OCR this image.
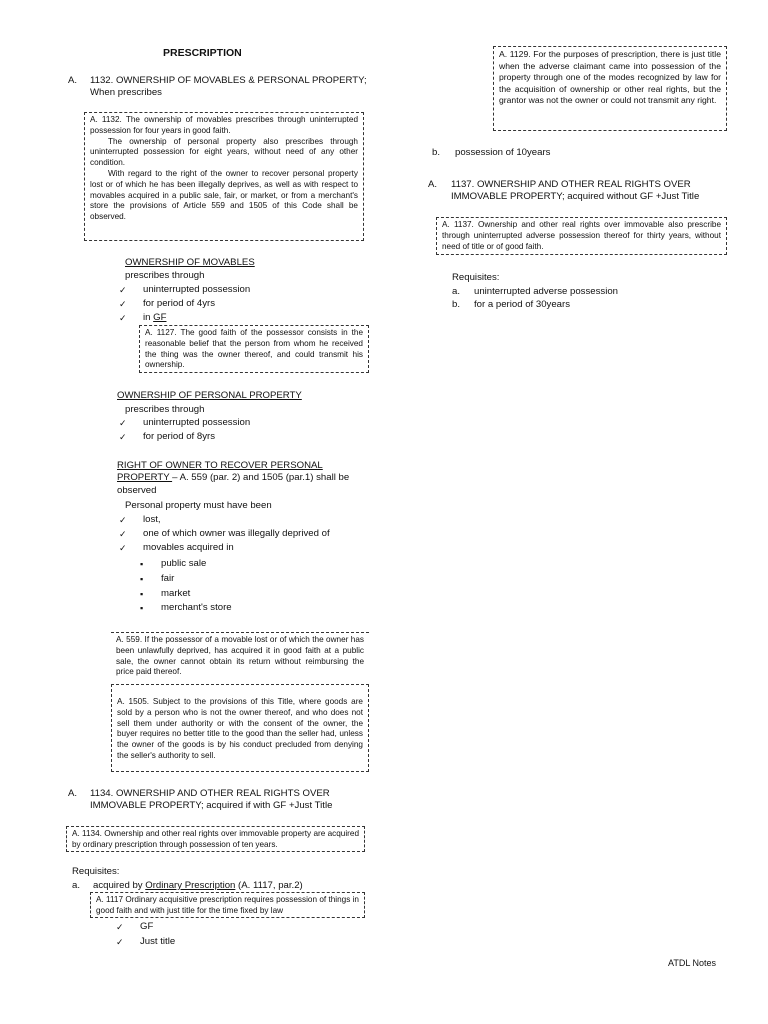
PRESCRIPTION
A. 1132. OWNERSHIP OF MOVABLES & PERSONAL PROPERTY;
When prescribes

A. 1132. The ownership of movables prescribes through uninterrupted possession for four years in good faith.

The ownership of personal property also prescribes through uninterrupted possession for eight years, without need of any other condition.

With regard to the right of the owner to recover personal property lost or of which he has been illegally deprives, as well as with respect to movables acquired in a public sale, fair, or market, or from a merchant's store the provisions of Article 559 and 1505 of this Code shall be observed.

OWNERSHIP OF MOVABLES
prescribes through
✓ uninterrupted possession
✓ for period of 4yrs
✓ in GF

A. 1127. The good faith of the possessor consists in the reasonable belief that the person from whom he received the thing was the owner thereof, and could transmit his ownership.

OWNERSHIP OF PERSONAL PROPERTY
prescribes through
✓ uninterrupted possession
✓ for period of 8yrs
RIGHT OF OWNER TO RECOVER PERSONAL
PROPERTY – A. 559 (par. 2) and 1505 (par.1) shall be
observed
Personal property must have been
✓ lost,
✓ one of which owner was illegally deprived of
✓ movables acquired in
▪ public sale
▪ fair
▪ market
▪ merchant's store

A. 559. If the possessor of a movable lost or of which the owner has been unlawfully deprived, has acquired it in good faith at a public sale, the owner cannot obtain its return without reimbursing the price paid thereof.

A. 1505. Subject to the provisions of this Title, where goods are sold by a person who is not the owner thereof, and who does not sell them under authority or with the consent of the owner, the buyer requires no better title to the good than the seller had, unless the owner of the goods is by his conduct precluded from denying the seller's authority to sell.

A. 1134. OWNERSHIP AND OTHER REAL RIGHTS OVER
IMMOVABLE PROPERTY; acquired if with GF +Just Title

A. 1134. Ownership and other real rights over immovable property are acquired by ordinary prescription through possession of ten years.

Requisites:
a. acquired by Ordinary Prescription (A. 1117, par.2)

A. 1117 Ordinary acquisitive prescription requires possession of things in good faith and with just title for the time fixed by law

✓ GF
✓ Just title

A. 1129. For the purposes of prescription, there is just title when the adverse claimant came into possession of the property through one of the modes recognized by law for the acquisition of ownership or other real rights, but the grantor was not the owner or could not transmit any right.

b. possession of 10years
A. 1137. OWNERSHIP AND OTHER REAL RIGHTS OVER
IMMOVABLE PROPERTY; acquired without GF +Just Title

A. 1137. Ownership and other real rights over immovable also prescribe through uninterrupted adverse possession thereof for thirty years, without need of title or of good faith.

Requisites:
a. uninterrupted adverse possession
b. for a period of 30years
ATDL Notes
